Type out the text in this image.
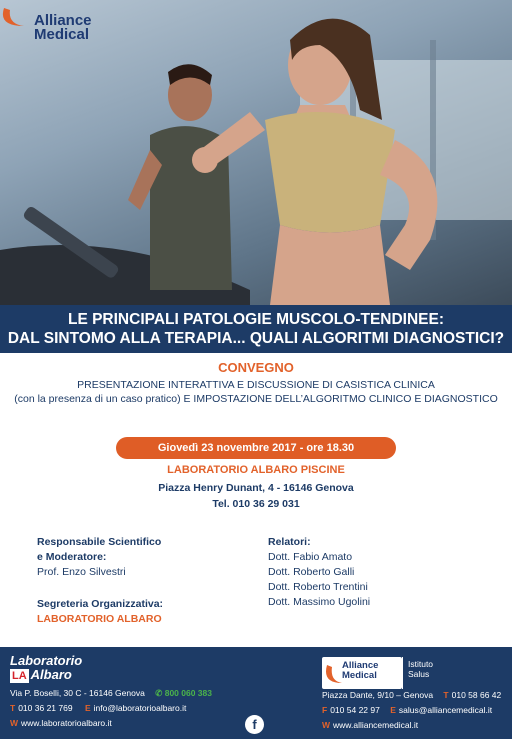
Alliance
Medical
LE PRINCIPALI PATOLOGIE MUSCOLO-TENDINEE:
DAL SINTOMO ALLA TERAPIA... QUALI ALGORITMI DIAGNOSTICI?
CONVEGNO
PRESENTAZIONE INTERATTIVA E DISCUSSIONE DI CASISTICA CLINICA
(con la presenza di un caso pratico) E IMPOSTAZIONE DELL’ALGORITMO CLINICO E DIAGNOSTICO
Giovedì 23 novembre 2017 - ore 18.30
LABORATORIO ALBARO PISCINE
Piazza Henry Dunant, 4 - 16146 Genova
Tel. 010 36 29 031
Responsabile Scientifico
e Moderatore:
Prof. Enzo Silvestri
Segreteria Organizzativa:
LABORATORIO ALBARO
Relatori:
Dott. Fabio Amato
Dott. Roberto Galli
Dott. Roberto Trentini
Dott. Massimo Ugolini
Laboratorio
LA Albaro
Via P. Boselli, 30 C - 16146 Genova ✆ 800 060 383
T 010 36 21 769 E info@laboratorioalbaro.it
W www.laboratorioalbaro.it	f
Alliance
Medical
Istituto
Salus
Piazza Dante, 9/10 – Genova T 010 58 66 42
F 010 54 22 97 E salus@alliancemedical.it
W www.alliancemedical.it
